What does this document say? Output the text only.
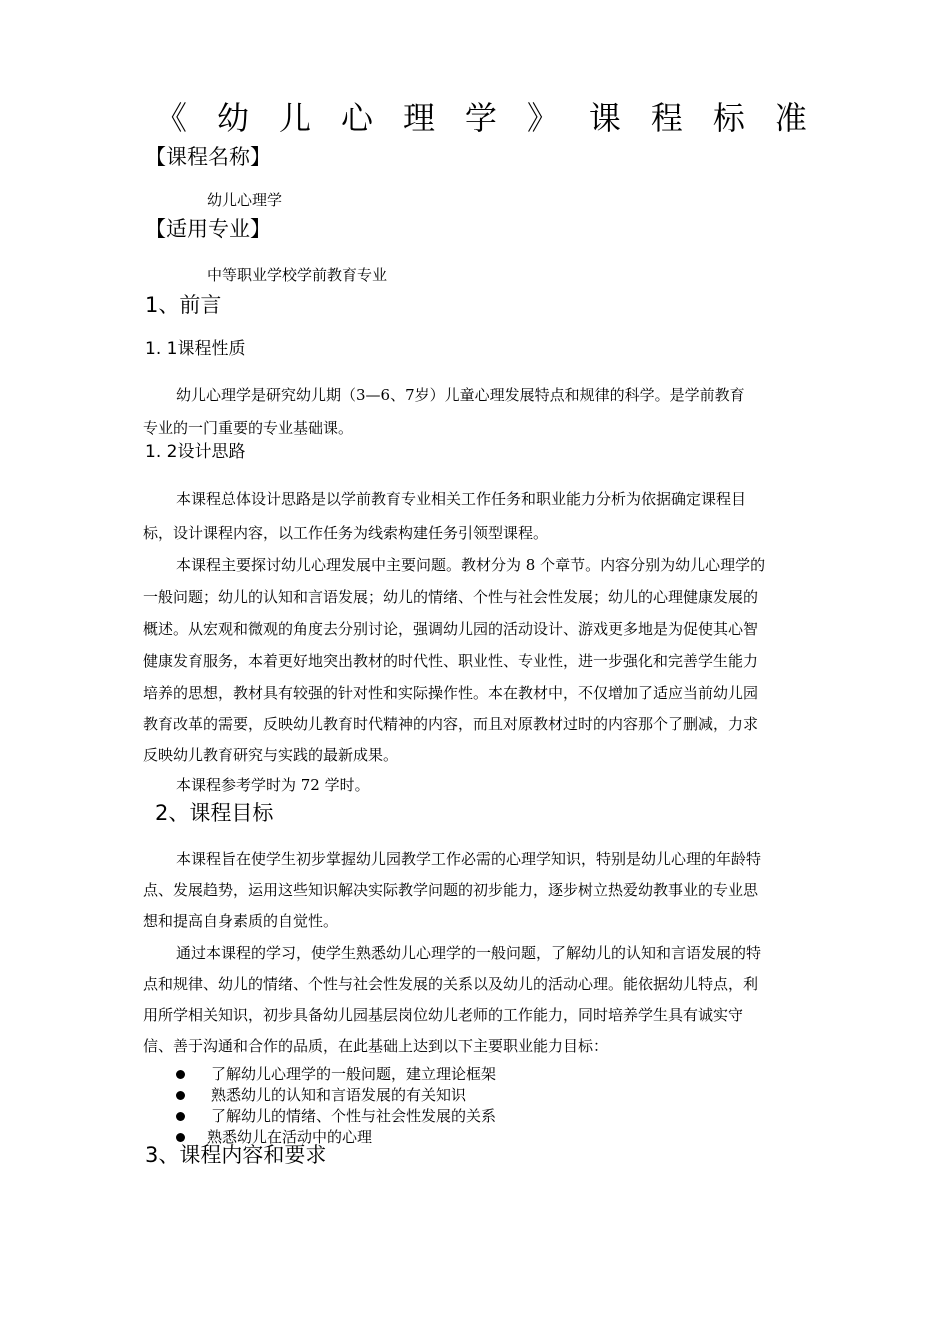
《 幼 儿 心 理 学 》 课 程 标 准
【课程名称】
幼儿心理学
【适用专业】
中等职业学校学前教育专业
1、前言
1. 1课程性质
幼儿心理学是研究幼儿期（3—6、7岁）儿童心理发展特点和规律的科学。是学前教育
专业的一门重要的专业基础课。
1. 2设计思路
本课程总体设计思路是以学前教育专业相关工作任务和职业能力分析为依据确定课程目
标，设计课程内容，以工作任务为线索构建任务引领型课程。
本课程主要探讨幼儿心理发展中主要问题。教材分为 8 个章节。内容分别为幼儿心理学的
一般问题；幼儿的认知和言语发展；幼儿的情绪、个性与社会性发展；幼儿的心理健康发展的
概述。从宏观和微观的角度去分别讨论，强调幼儿园的活动设计、游戏更多地是为促使其心智
健康发育服务，本着更好地突出教材的时代性、职业性、专业性，进一步强化和完善学生能力
培养的思想，教材具有较强的针对性和实际操作性。本在教材中，不仅增加了适应当前幼儿园
教育改革的需要，反映幼儿教育时代精神的内容，而且对原教材过时的内容那个了删减，力求
反映幼儿教育研究与实践的最新成果。
本课程参考学时为 72 学时。
2、课程目标
本课程旨在使学生初步掌握幼儿园教学工作必需的心理学知识，特别是幼儿心理的年龄特
点、发展趋势，运用这些知识解决实际教学问题的初步能力，逐步树立热爱幼教事业的专业思
想和提高自身素质的自觉性。
通过本课程的学习，使学生熟悉幼儿心理学的一般问题，了解幼儿的认知和言语发展的特
点和规律、幼儿的情绪、个性与社会性发展的关系以及幼儿的活动心理。能依据幼儿特点，利
用所学相关知识，初步具备幼儿园基层岗位幼儿老师的工作能力，同时培养学生具有诚实守
信、善于沟通和合作的品质，在此基础上达到以下主要职业能力目标：
了解幼儿心理学的一般问题，建立理论框架
熟悉幼儿的认知和言语发展的有关知识
了解幼儿的情绪、个性与社会性发展的关系
熟悉幼儿在活动中的心理
3、课程内容和要求
